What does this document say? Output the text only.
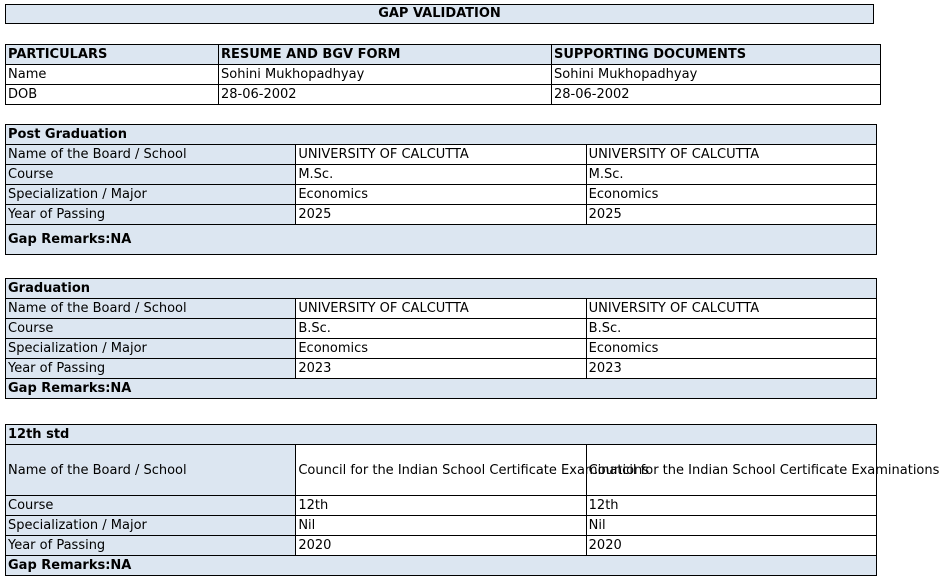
GAP VALIDATION
PARTICULARS	RESUME AND BGV FORM	SUPPORTING DOCUMENTS
Name	Sohini Mukhopadhyay	Sohini Mukhopadhyay
DOB	28-06-2002	28-06-2002
Post Graduation		
Name of the Board / School	UNIVERSITY OF CALCUTTA	UNIVERSITY OF CALCUTTA
Course	M.Sc.	M.Sc.
Specialization / Major	Economics	Economics
Year of Passing	2025	2025
Gap Remarks:NA		
Graduation		
Name of the Board / School	UNIVERSITY OF CALCUTTA	UNIVERSITY OF CALCUTTA
Course	B.Sc.	B.Sc.
Specialization / Major	Economics	Economics
Year of Passing	2023	2023
Gap Remarks:NA		
12th std		
Name of the Board / School	Council for the Indian School Certificate Examinations	Council for the Indian School Certificate Examinations
Course	12th	12th
Specialization / Major	Nil	Nil
Year of Passing	2020	2020
Gap Remarks:NA		
